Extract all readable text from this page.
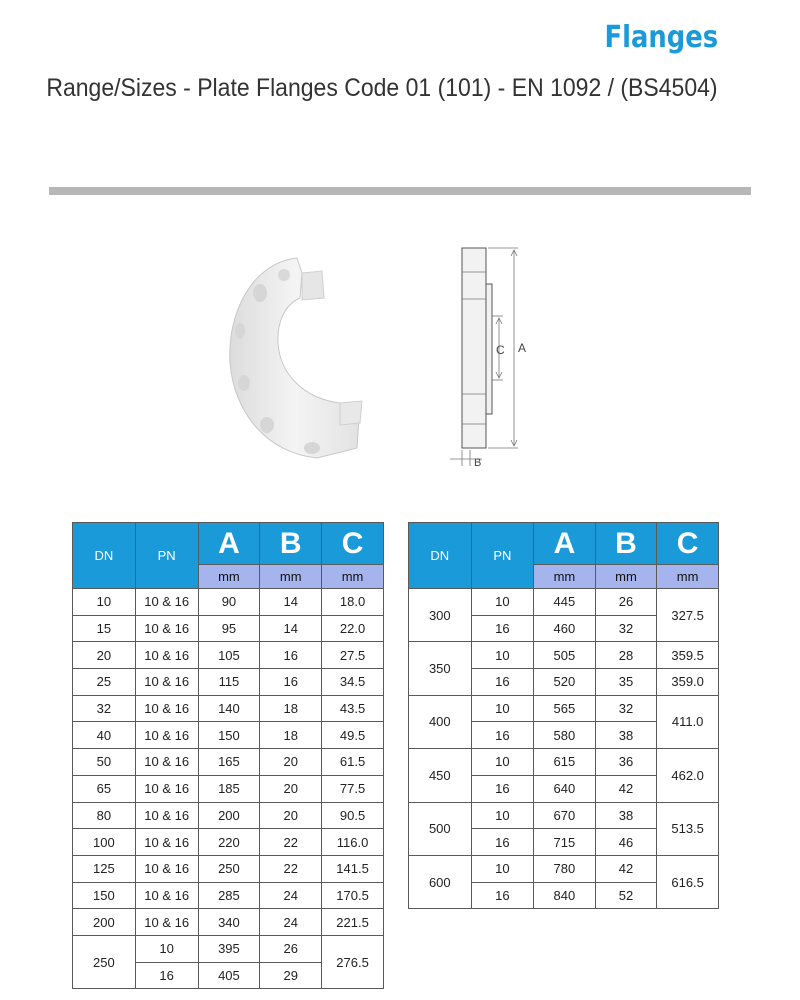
Flanges
Range/Sizes - Plate Flanges Code 01 (101) - EN 1092 / (BS4504)
A
C
B
DN	PN	A	B	C
		mm	mm	mm
10	10 & 16	90	14	18.0
15	10 & 16	95	14	22.0
20	10 & 16	105	16	27.5
25	10 & 16	115	16	34.5
32	10 & 16	140	18	43.5
40	10 & 16	150	18	49.5
50	10 & 16	165	20	61.5
65	10 & 16	185	20	77.5
80	10 & 16	200	20	90.5
100	10 & 16	220	22	116.0
125	10 & 16	250	22	141.5
150	10 & 16	285	24	170.5
200	10 & 16	340	24	221.5
250	10	395	26	276.5
	16	405	29	
DN	PN	A	B	C
		mm	mm	mm
300	10	445	26	327.5
	16	460	32	
350	10	505	28	359.5
	16	520	35	359.0
400	10	565	32	411.0
	16	580	38	
450	10	615	36	462.0
	16	640	42	
500	10	670	38	513.5
	16	715	46	
600	10	780	42	616.5
	16	840	52	
